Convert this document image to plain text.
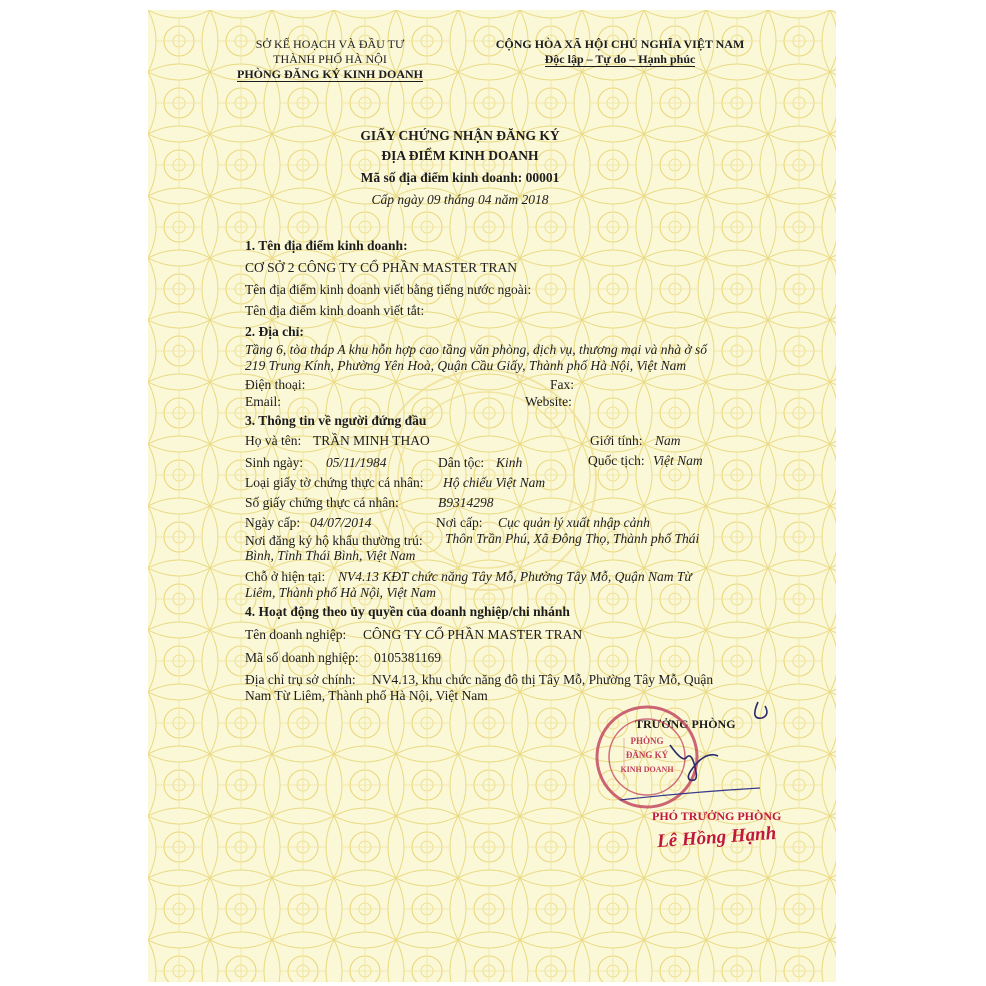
SỞ KẾ HOẠCH VÀ ĐẦU TƯ
THÀNH PHỐ HÀ NỘI
PHÒNG ĐĂNG KÝ KINH DOANH
CỘNG HÒA XÃ HỘI CHỦ NGHĨA VIỆT NAM
Độc lập – Tự do – Hạnh phúc
GIẤY CHỨNG NHẬN ĐĂNG KÝ
ĐỊA ĐIỂM KINH DOANH
Mã số địa điểm kinh doanh: 00001
Cấp ngày 09 tháng 04 năm 2018
1. Tên địa điểm kinh doanh:
CƠ SỞ 2 CÔNG TY CỔ PHẦN MASTER TRAN
Tên địa điểm kinh doanh viết bằng tiếng nước ngoài:
Tên địa điểm kinh doanh viết tắt:
2. Địa chỉ:
Tầng 6, tòa tháp A khu hỗn hợp cao tầng văn phòng, dịch vụ, thương mại và nhà ở số
219 Trung Kính, Phường Yên Hoà, Quận Cầu Giấy, Thành phố Hà Nội, Việt Nam
Điện thoại:	Fax:
Email:	Website:
3. Thông tin về người đứng đầu
Họ và tên: TRẦN MINH THAO	Giới tính: Nam
Sinh ngày: 05/11/1984	Dân tộc: Kinh	Quốc tịch: Việt Nam
Loại giấy tờ chứng thực cá nhân: Hộ chiếu Việt Nam
Số giấy chứng thực cá nhân:	B9314298
Ngày cấp: 04/07/2014	Nơi cấp: Cục quản lý xuất nhập cảnh
Nơi đăng ký hộ khẩu thường trú: Thôn Trần Phú, Xã Đông Thọ, Thành phố Thái
Bình, Tỉnh Thái Bình, Việt Nam
Chỗ ở hiện tại: NV4.13 KĐT chức năng Tây Mỗ, Phường Tây Mỗ, Quận Nam Từ
Liêm, Thành phố Hà Nội, Việt Nam
4. Hoạt động theo ủy quyền của doanh nghiệp/chi nhánh
Tên doanh nghiệp: CÔNG TY CỔ PHẦN MASTER TRAN
Mã số doanh nghiệp: 0105381169
Địa chỉ trụ sở chính: NV4.13, khu chức năng đô thị Tây Mỗ, Phường Tây Mỗ, Quận
Nam Từ Liêm, Thành phố Hà Nội, Việt Nam
TRƯỞNG PHÒNG
PHÒNG
ĐĂNG KÝ
KINH DOANH
PHÓ TRƯỞNG PHÒNG
Lê Hồng Hạnh
